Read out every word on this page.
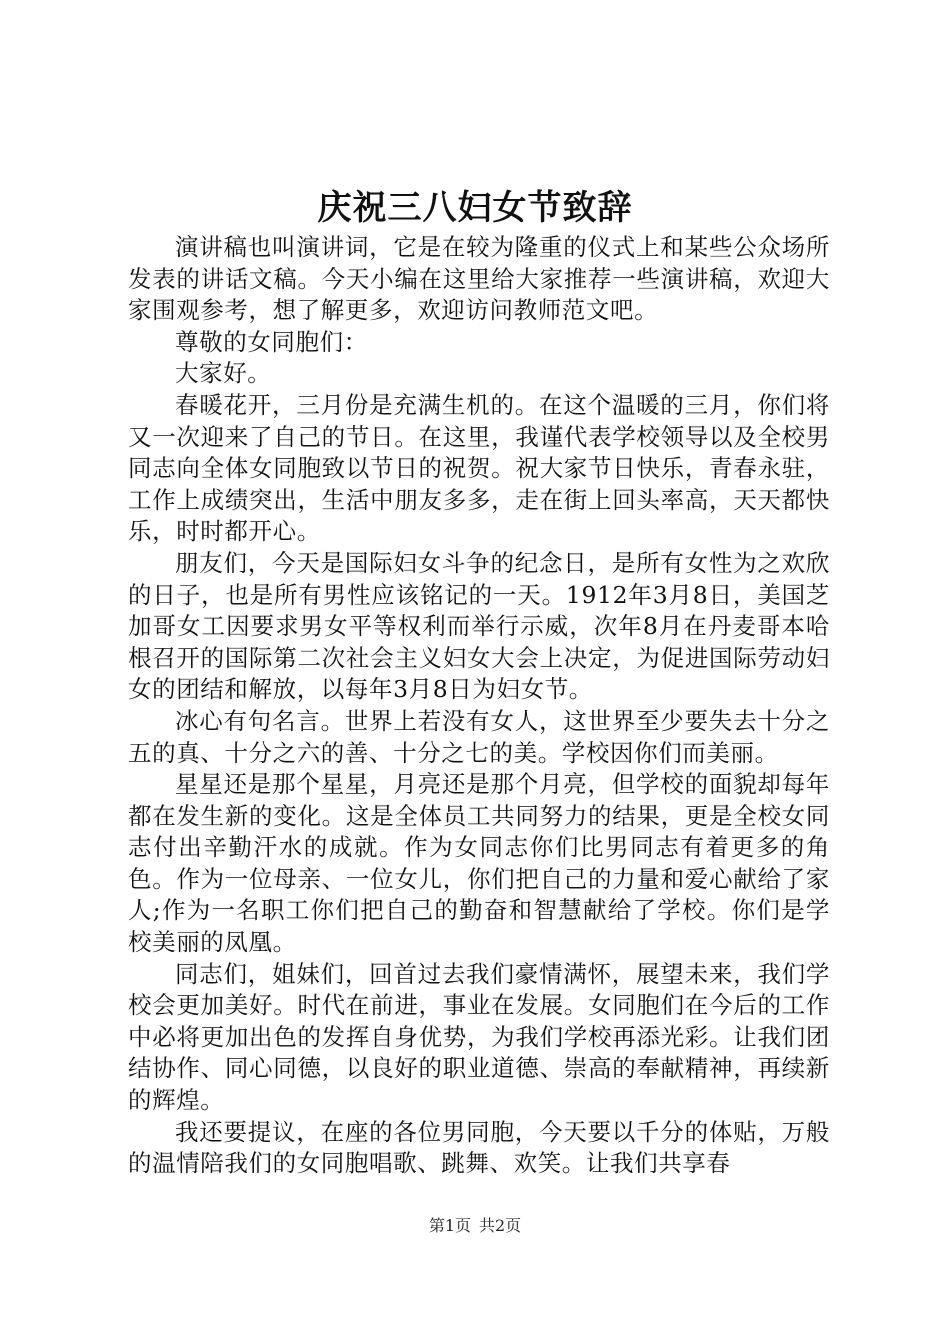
庆祝三八妇女节致辞

演讲稿也叫演讲词，它是在较为隆重的仪式上和某些公众场所发表的讲话文稿。今天小编在这里给大家推荐一些演讲稿，欢迎大家围观参考，想了解更多，欢迎访问教师范文吧。

尊敬的女同胞们：

大家好。

春暖花开，三月份是充满生机的。在这个温暖的三月，你们将又一次迎来了自己的节日。在这里，我谨代表学校领导以及全校男同志向全体女同胞致以节日的祝贺。祝大家节日快乐，青春永驻，工作上成绩突出，生活中朋友多多，走在街上回头率高，天天都快乐，时时都开心。

朋友们，今天是国际妇女斗争的纪念日，是所有女性为之欢欣的日子，也是所有男性应该铭记的一天。1912年3月8日，美国芝加哥女工因要求男女平等权利而举行示威，次年8月在丹麦哥本哈根召开的国际第二次社会主义妇女大会上决定，为促进国际劳动妇女的团结和解放，以每年3月8日为妇女节。

冰心有句名言。世界上若没有女人，这世界至少要失去十分之五的真、十分之六的善、十分之七的美。学校因你们而美丽。

星星还是那个星星，月亮还是那个月亮，但学校的面貌却每年都在发生新的变化。这是全体员工共同努力的结果，更是全校女同志付出辛勤汗水的成就。作为女同志你们比男同志有着更多的角色。作为一位母亲、一位女儿，你们把自己的力量和爱心献给了家人;作为一名职工你们把自己的勤奋和智慧献给了学校。你们是学校美丽的凤凰。

同志们，姐妹们，回首过去我们豪情满怀，展望未来，我们学校会更加美好。时代在前进，事业在发展。女同胞们在今后的工作中必将更加出色的发挥自身优势，为我们学校再添光彩。让我们团结协作、同心同德，以良好的职业道德、崇高的奉献精神，再续新的辉煌。

我还要提议，在座的各位男同胞，今天要以千分的体贴，万般的温情陪我们的女同胞唱歌、跳舞、欢笑。让我们共享春

第1页 共2页
